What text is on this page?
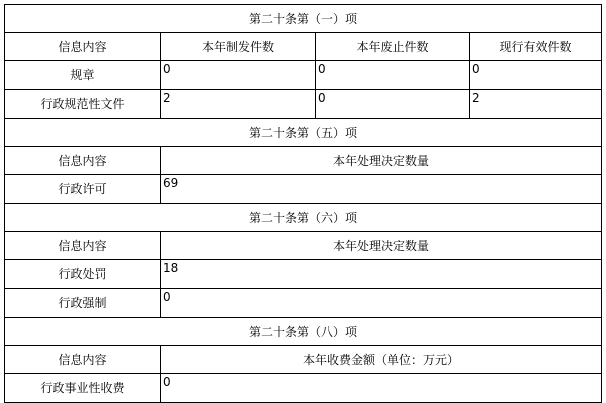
第二十条第（一）项			
信息内容	本年制发件数	本年废止件数	现行有效件数
规章	0	0	0
行政规范性文件	2	0	2
第二十条第（五）项			
信息内容	本年处理决定数量		
行政许可	69		
第二十条第（六）项			
信息内容	本年处理决定数量		
行政处罚	18		
行政强制	0		
第二十条第（八）项			
信息内容	本年收费金额（单位：万元）		
行政事业性收费	0		
